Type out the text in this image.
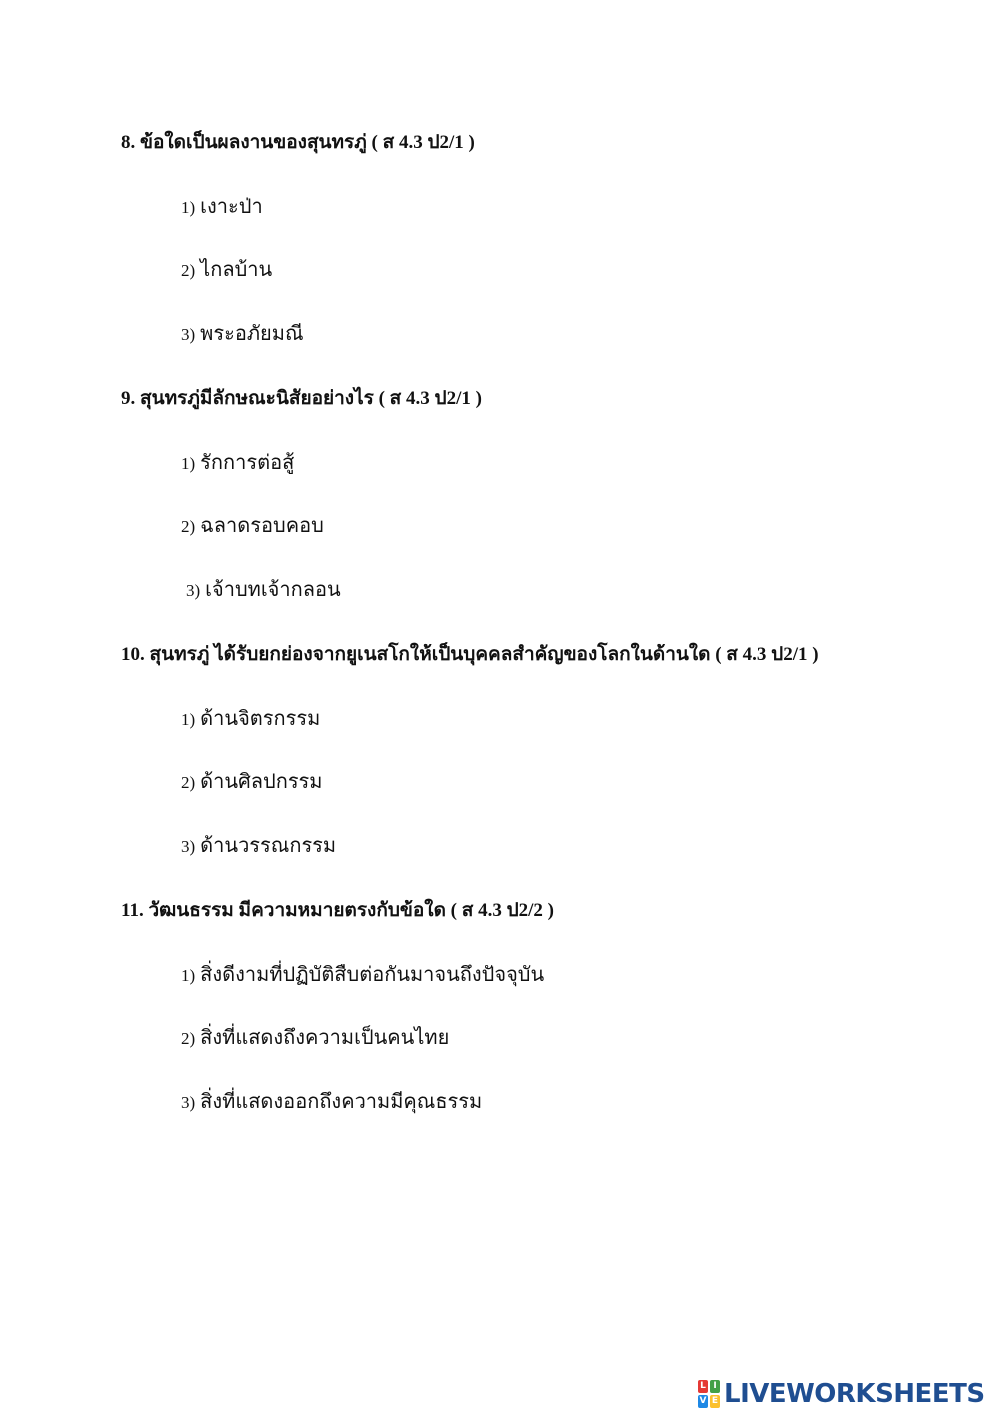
8. ข้อใดเป็นผลงานของสุนทรภู่ ( ส 4.3 ป2/1 )
1) เงาะป่า
2) ไกลบ้าน
3) พระอภัยมณี
9. สุนทรภู่มีลักษณะนิสัยอย่างไร ( ส 4.3 ป2/1 )
1) รักการต่อสู้
2) ฉลาดรอบคอบ
3) เจ้าบทเจ้ากลอน
10. สุนทรภู่ ได้รับยกย่องจากยูเนสโกให้เป็นบุคคลสำคัญของโลกในด้านใด ( ส 4.3 ป2/1 )
1) ด้านจิตรกรรม
2) ด้านศิลปกรรม
3) ด้านวรรณกรรม
11. วัฒนธรรม มีความหมายตรงกับข้อใด ( ส 4.3 ป2/2 )
1) สิ่งดีงามที่ปฏิบัติสืบต่อกันมาจนถึงปัจจุบัน
2) สิ่งที่แสดงถึงความเป็นคนไทย
3) สิ่งที่แสดงออกถึงความมีคุณธรรม
L I
V E LIVEWORKSHEETS
